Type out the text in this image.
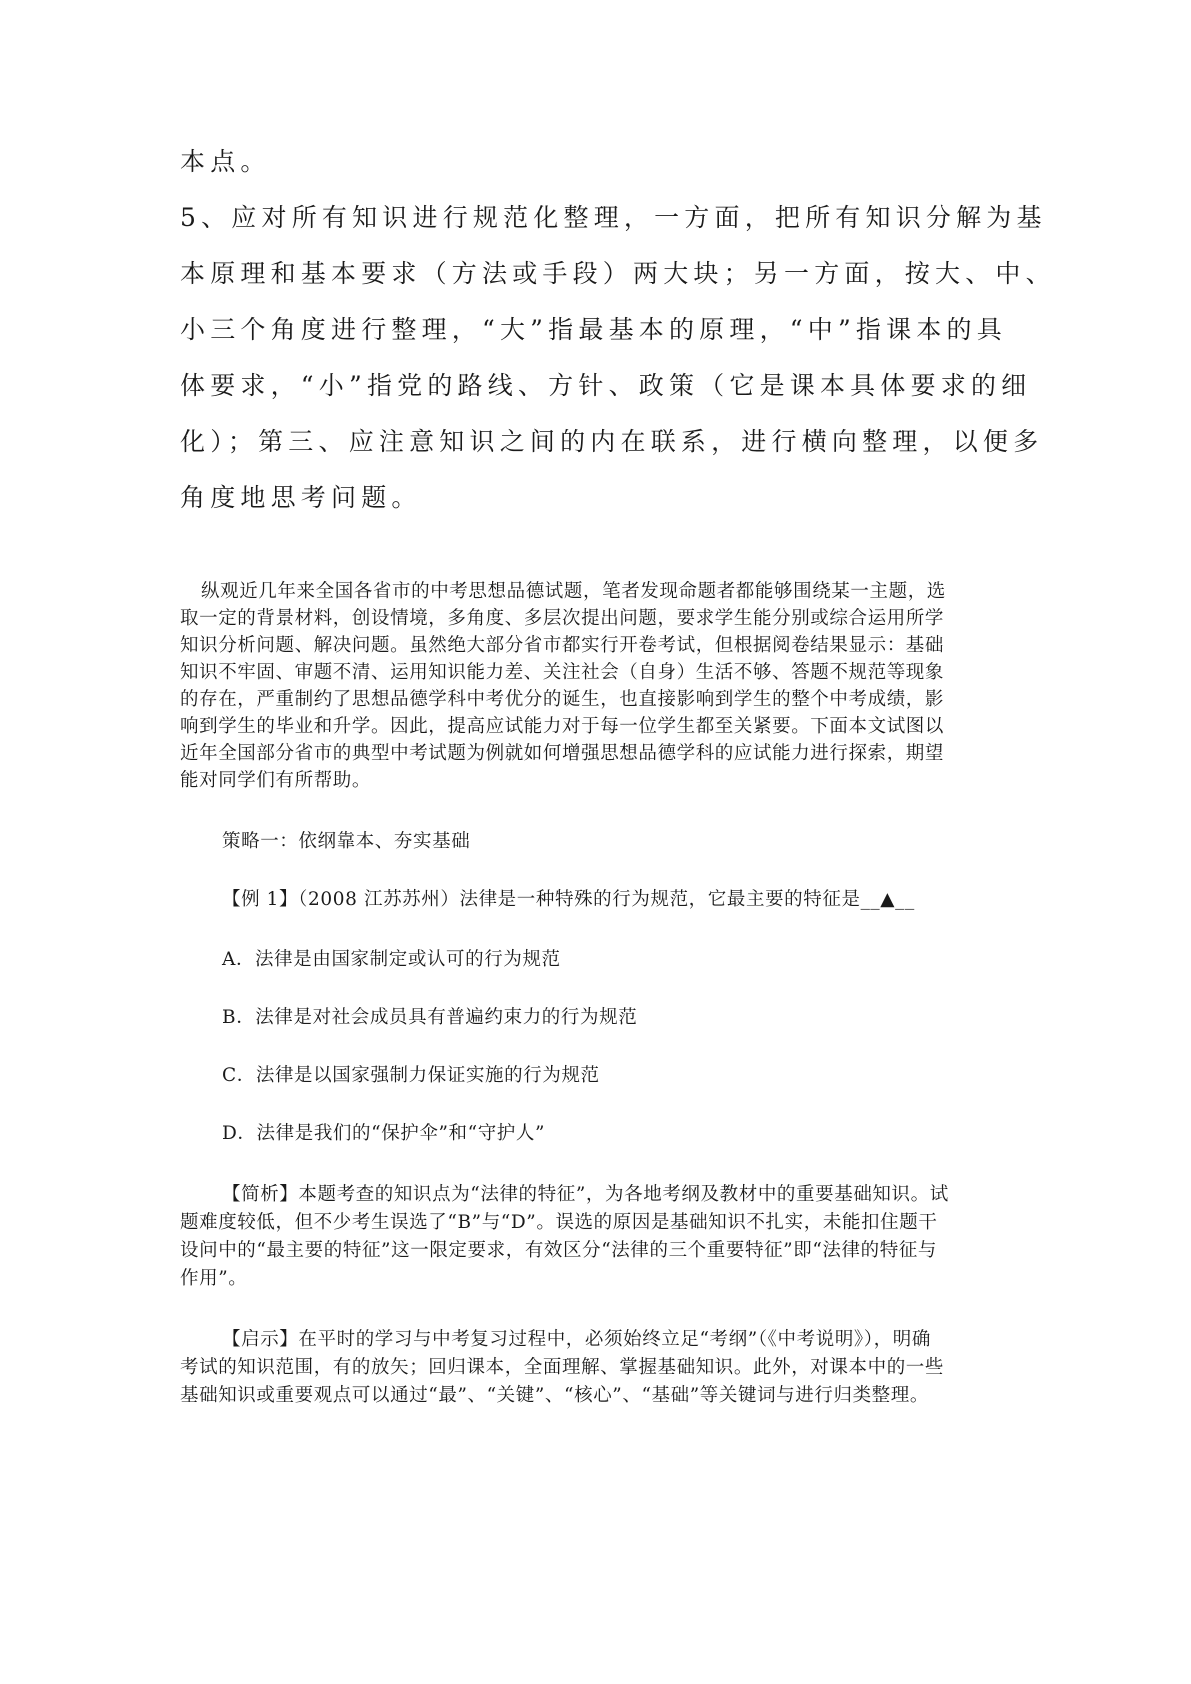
本点。

5、应对所有知识进行规范化整理，一方面，把所有知识分解为基

本原理和基本要求（方法或手段）两大块；另一方面，按大、中、

小三个角度进行整理，“大”指最基本的原理，“中”指课本的具

体要求，“小”指党的路线、方针、政策（它是课本具体要求的细

化）；第三、应注意知识之间的内在联系，进行横向整理，以便多

角度地思考问题。

纵观近几年来全国各省市的中考思想品德试题，笔者发现命题者都能够围绕某一主题，选

取一定的背景材料，创设情境，多角度、多层次提出问题，要求学生能分别或综合运用所学

知识分析问题、解决问题。虽然绝大部分省市都实行开卷考试，但根据阅卷结果显示：基础

知识不牢固、审题不清、运用知识能力差、关注社会（自身）生活不够、答题不规范等现象

的存在，严重制约了思想品德学科中考优分的诞生，也直接影响到学生的整个中考成绩，影

响到学生的毕业和升学。因此，提高应试能力对于每一位学生都至关紧要。下面本文试图以

近年全国部分省市的典型中考试题为例就如何增强思想品德学科的应试能力进行探索，期望

能对同学们有所帮助。

策略一：依纲靠本、夯实基础

【例 1】（2008 江苏苏州）法律是一种特殊的行为规范，它最主要的特征是__▲__

A．法律是由国家制定或认可的行为规范

B．法律是对社会成员具有普遍约束力的行为规范

C．法律是以国家强制力保证实施的行为规范

D．法律是我们的“保护伞”和“守护人”

【简析】本题考查的知识点为“法律的特征”，为各地考纲及教材中的重要基础知识。试

题难度较低，但不少考生误选了“B”与“D”。误选的原因是基础知识不扎实，未能扣住题干

设问中的“最主要的特征”这一限定要求，有效区分“法律的三个重要特征”即“法律的特征与

作用”。

【启示】在平时的学习与中考复习过程中，必须始终立足“考纲”（《中考说明》），明确

考试的知识范围，有的放矢；回归课本，全面理解、掌握基础知识。此外，对课本中的一些

基础知识或重要观点可以通过“最”、“关键”、“核心”、“基础”等关键词与进行归类整理。
